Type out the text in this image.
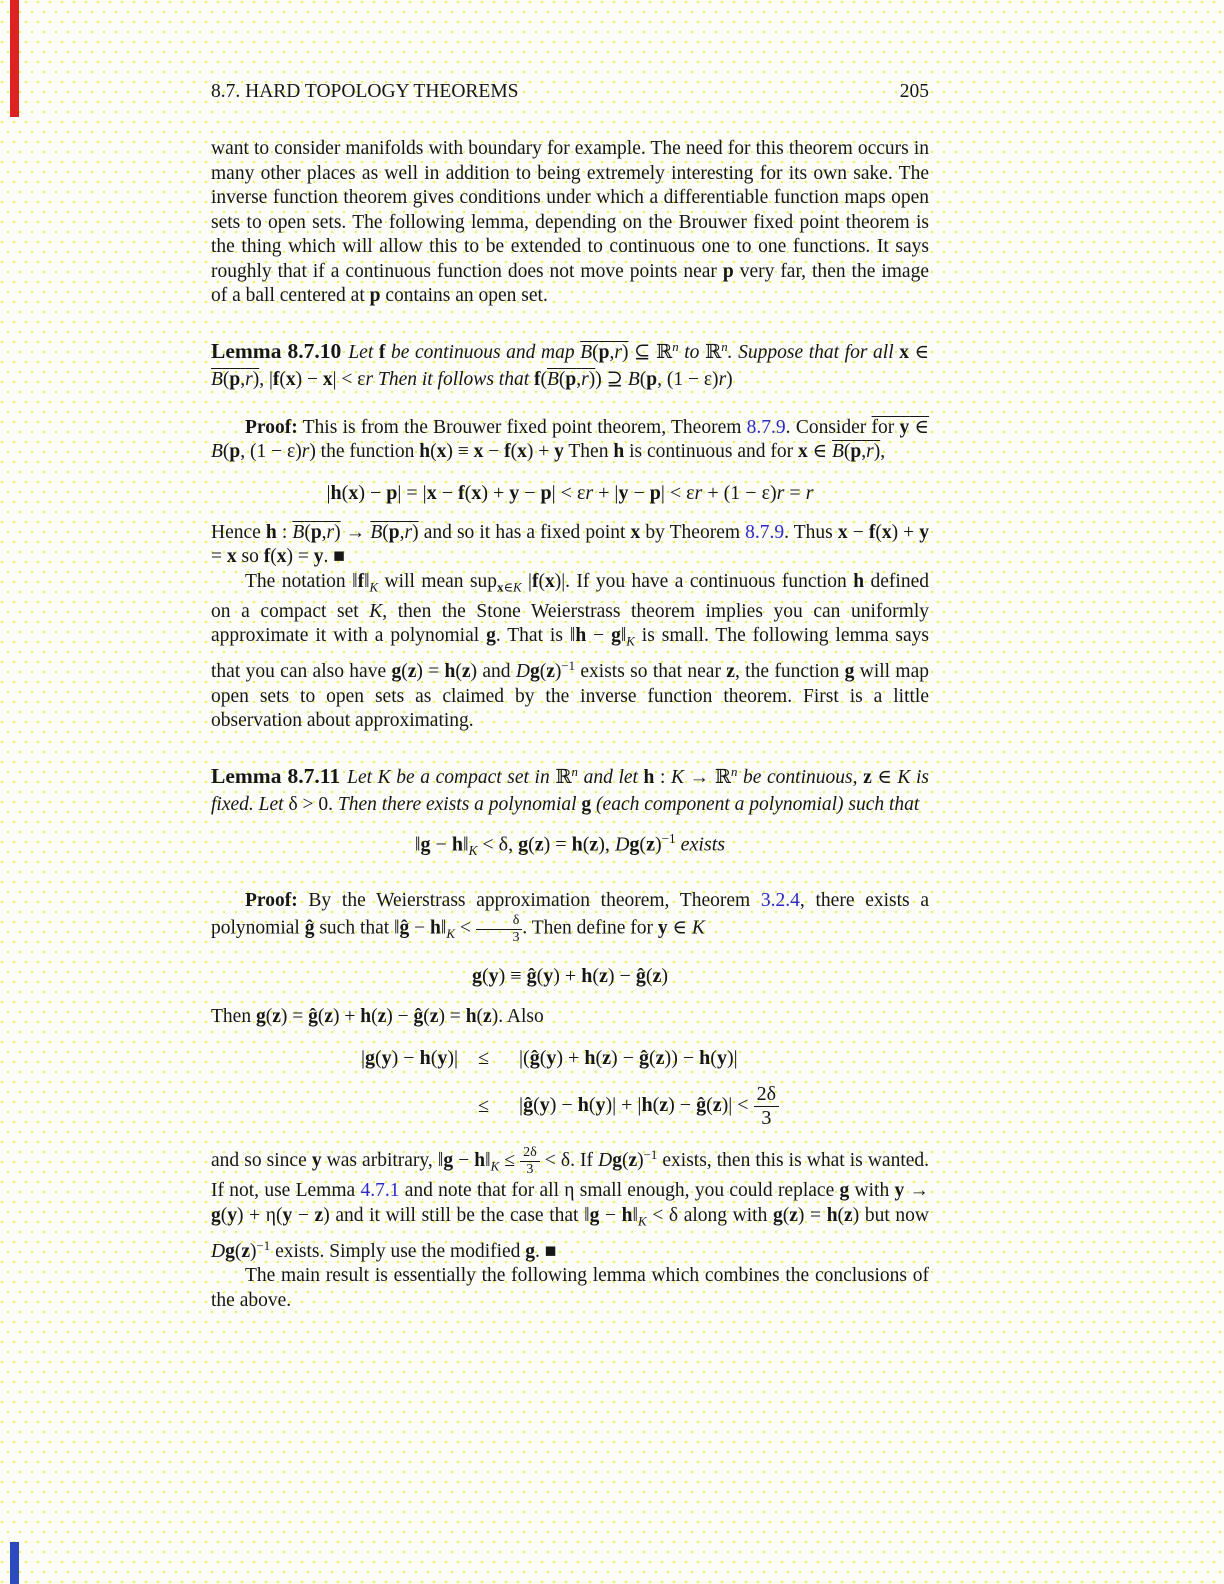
8.7. HARD TOPOLOGY THEOREMS	205

want to consider manifolds with boundary for example. The need for this theorem occurs in many other places as well in addition to being extremely interesting for its own sake. The inverse function theorem gives conditions under which a differentiable function maps open sets to open sets. The following lemma, depending on the Brouwer fixed point theorem is the thing which will allow this to be extended to continuous one to one functions. It says roughly that if a continuous function does not move points near p very far, then the image of a ball centered at p contains an open set.

Lemma 8.7.10 Let f be continuous and map B(p,r) ⊆ ℝ$^n$ to ℝ$^n$. Suppose that for all x ∈ B(p,r), |f(x) − x| < εr Then it follows that f(B(p,r)) ⊇ B(p, (1 − ε)r)

Proof: This is from the Brouwer fixed point theorem, Theorem 8.7.9. Consider for y ∈ B(p, (1 − ε)r) the function h(x) ≡ x − f(x) + y Then h is continuous and for x ∈ B(p,r),

|h(x) − p| = |x − f(x) + y − p| < εr + |y − p| < εr + (1 − ε)r = r

Hence h : B(p,r) → B(p,r) and so it has a fixed point x by Theorem 8.7.9. Thus x − f(x) + y = x so f(x) = y. ■

The notation $‖f‖_K$ will mean sup$_{x\in K}$ |f(x)|. If you have a continuous function h defined on a compact set K, then the Stone Weierstrass theorem implies you can uniformly approximate it with a polynomial g. That is ‖h − $g‖_K$ is small. The following lemma says that you can also have g(z) = h(z) and $Dg(z)^{-1}$ exists so that near z, the function g will map open sets to open sets as claimed by the inverse function theorem. First is a little observation about approximating.

Lemma 8.7.11 Let K be a compact set in ℝ$^n$ and let h : K → ℝ$^n$ be continuous, z ∈ K is fixed. Let δ > 0. Then there exists a polynomial g (each component a polynomial) such that

‖g − $h‖_K < \delta$, g(z) = h(z), $Dg(z)^{-1}$ exists

Proof: By the Weierstrass approximation theorem, Theorem 3.2.4, there exists a polynomial ĝ such that ‖ĝ − $h‖_K < \frac{\delta}{3}$ . Then define for y ∈ K

g(y) ≡ ĝ(y) + h(z) − ĝ(z)

Then g(z) = ĝ(z) + h(z) − ĝ(z) = h(z). Also

|g(y) − h(y)|	≤	|(ĝ(y) + h(z) − ĝ(z)) − h(y)|
	≤	|ĝ(y) − h(y)| + |h(z) − ĝ(z)| < $\frac{2\delta}{3}$

and so since y was arbitrary, ‖g − $h‖_K \le \frac{2\delta}{3} < \delta$. If $Dg(z)^{-1}$ exists, then this is what is wanted. If not, use Lemma 4.7.1 and note that for all η small enough, you could replace g with y → g(y) + η(y − z) and it will still be the case that ‖g − $h‖_K < \delta$ along with g(z) = h(z) but now $Dg(z)^{-1}$ exists. Simply use the modified g. ■

The main result is essentially the following lemma which combines the conclusions of the above.
